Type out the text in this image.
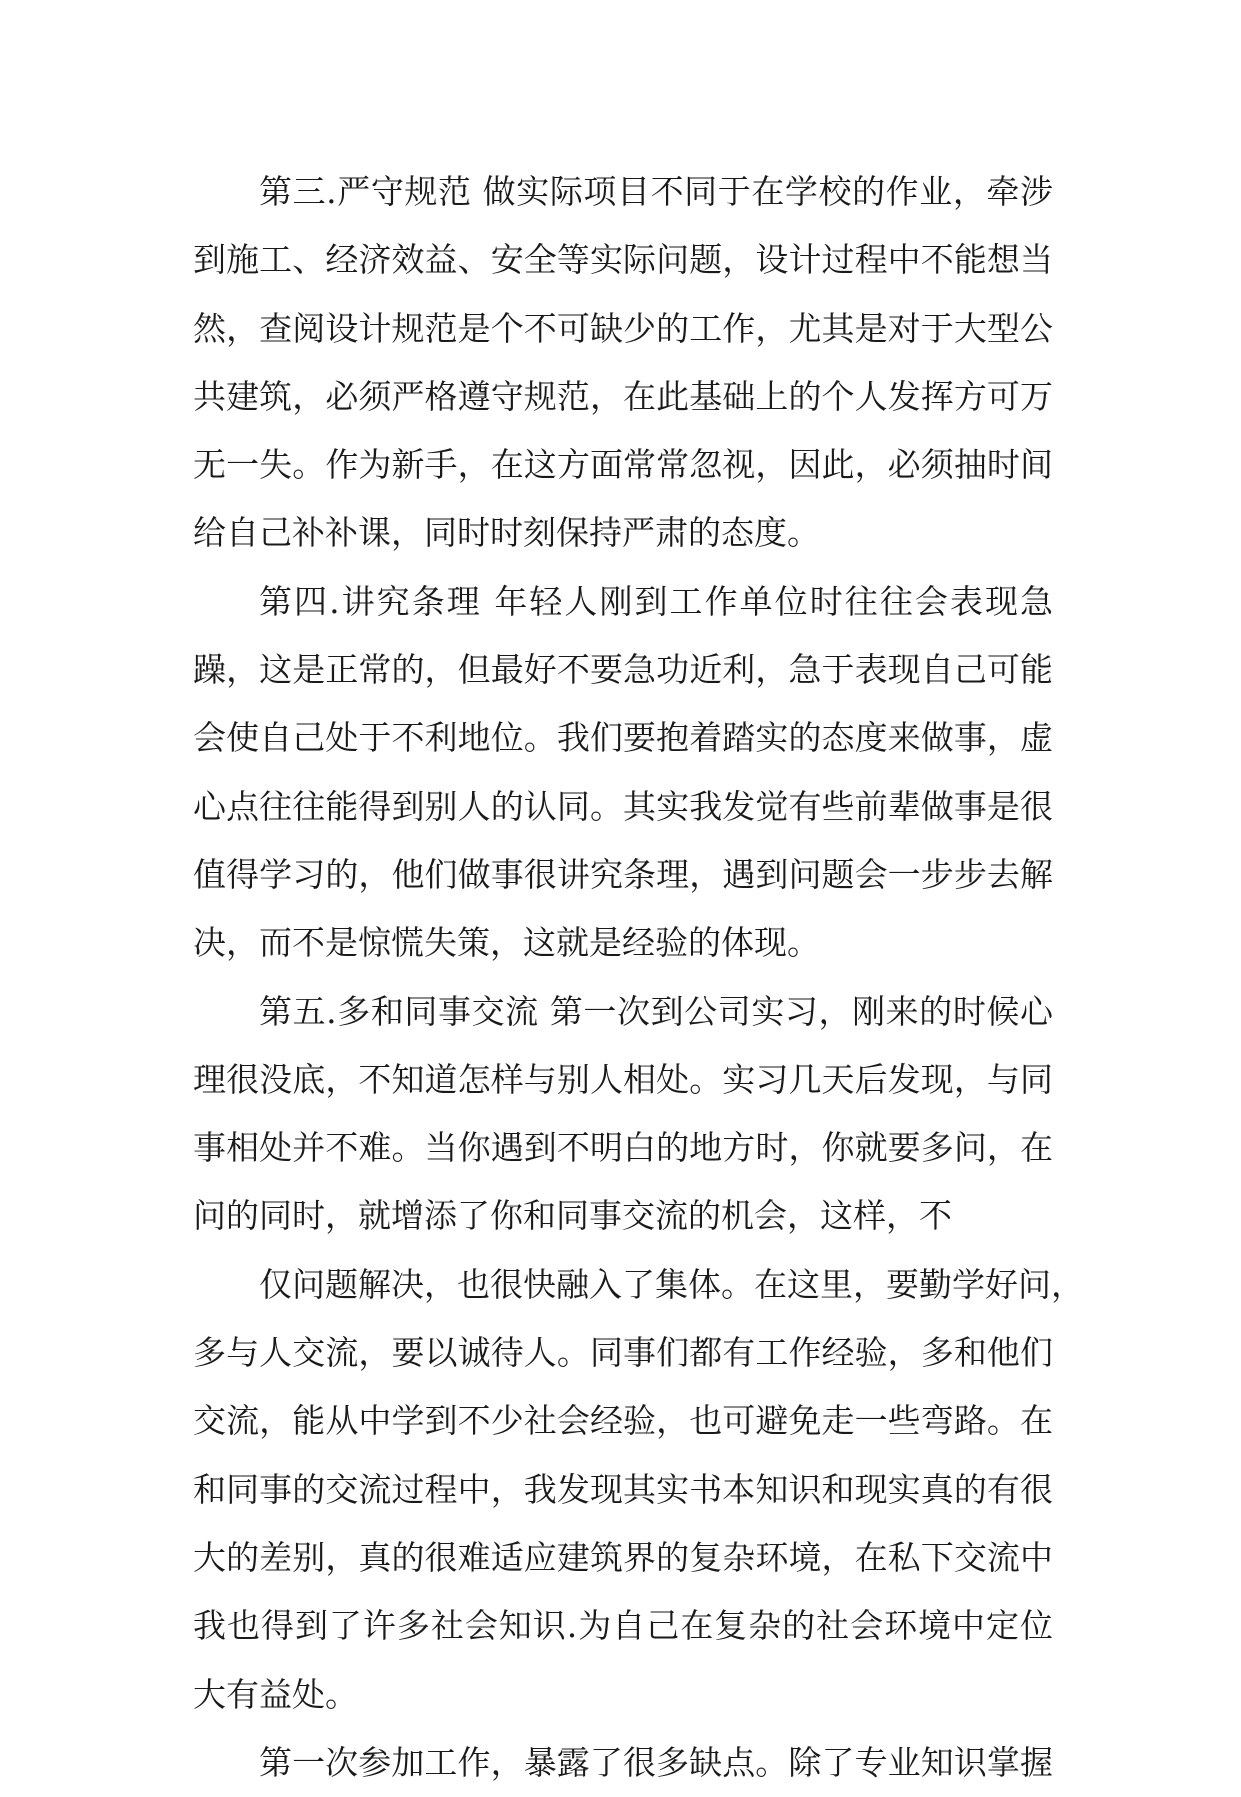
第三.严守规范 做实际项目不同于在学校的作业，牵涉
到施工、经济效益、安全等实际问题，设计过程中不能想当
然，查阅设计规范是个不可缺少的工作，尤其是对于大型公
共建筑，必须严格遵守规范，在此基础上的个人发挥方可万
无一失。作为新手，在这方面常常忽视，因此，必须抽时间
给自己补补课，同时时刻保持严肃的态度。
第四.讲究条理 年轻人刚到工作单位时往往会表现急
躁，这是正常的，但最好不要急功近利，急于表现自己可能
会使自己处于不利地位。我们要抱着踏实的态度来做事，虚
心点往往能得到别人的认同。其实我发觉有些前辈做事是很
值得学习的，他们做事很讲究条理，遇到问题会一步步去解
决，而不是惊慌失策，这就是经验的体现。
第五.多和同事交流 第一次到公司实习，刚来的时候心
理很没底，不知道怎样与别人相处。实习几天后发现，与同
事相处并不难。当你遇到不明白的地方时，你就要多问，在
问的同时，就增添了你和同事交流的机会，这样，不
仅问题解决，也很快融入了集体。在这里，要勤学好问，
多与人交流，要以诚待人。同事们都有工作经验，多和他们
交流，能从中学到不少社会经验，也可避免走一些弯路。在
和同事的交流过程中，我发现其实书本知识和现实真的有很
大的差别，真的很难适应建筑界的复杂环境，在私下交流中
我也得到了许多社会知识.为自己在复杂的社会环境中定位
大有益处。
第一次参加工作，暴露了很多缺点。除了专业知识掌握
